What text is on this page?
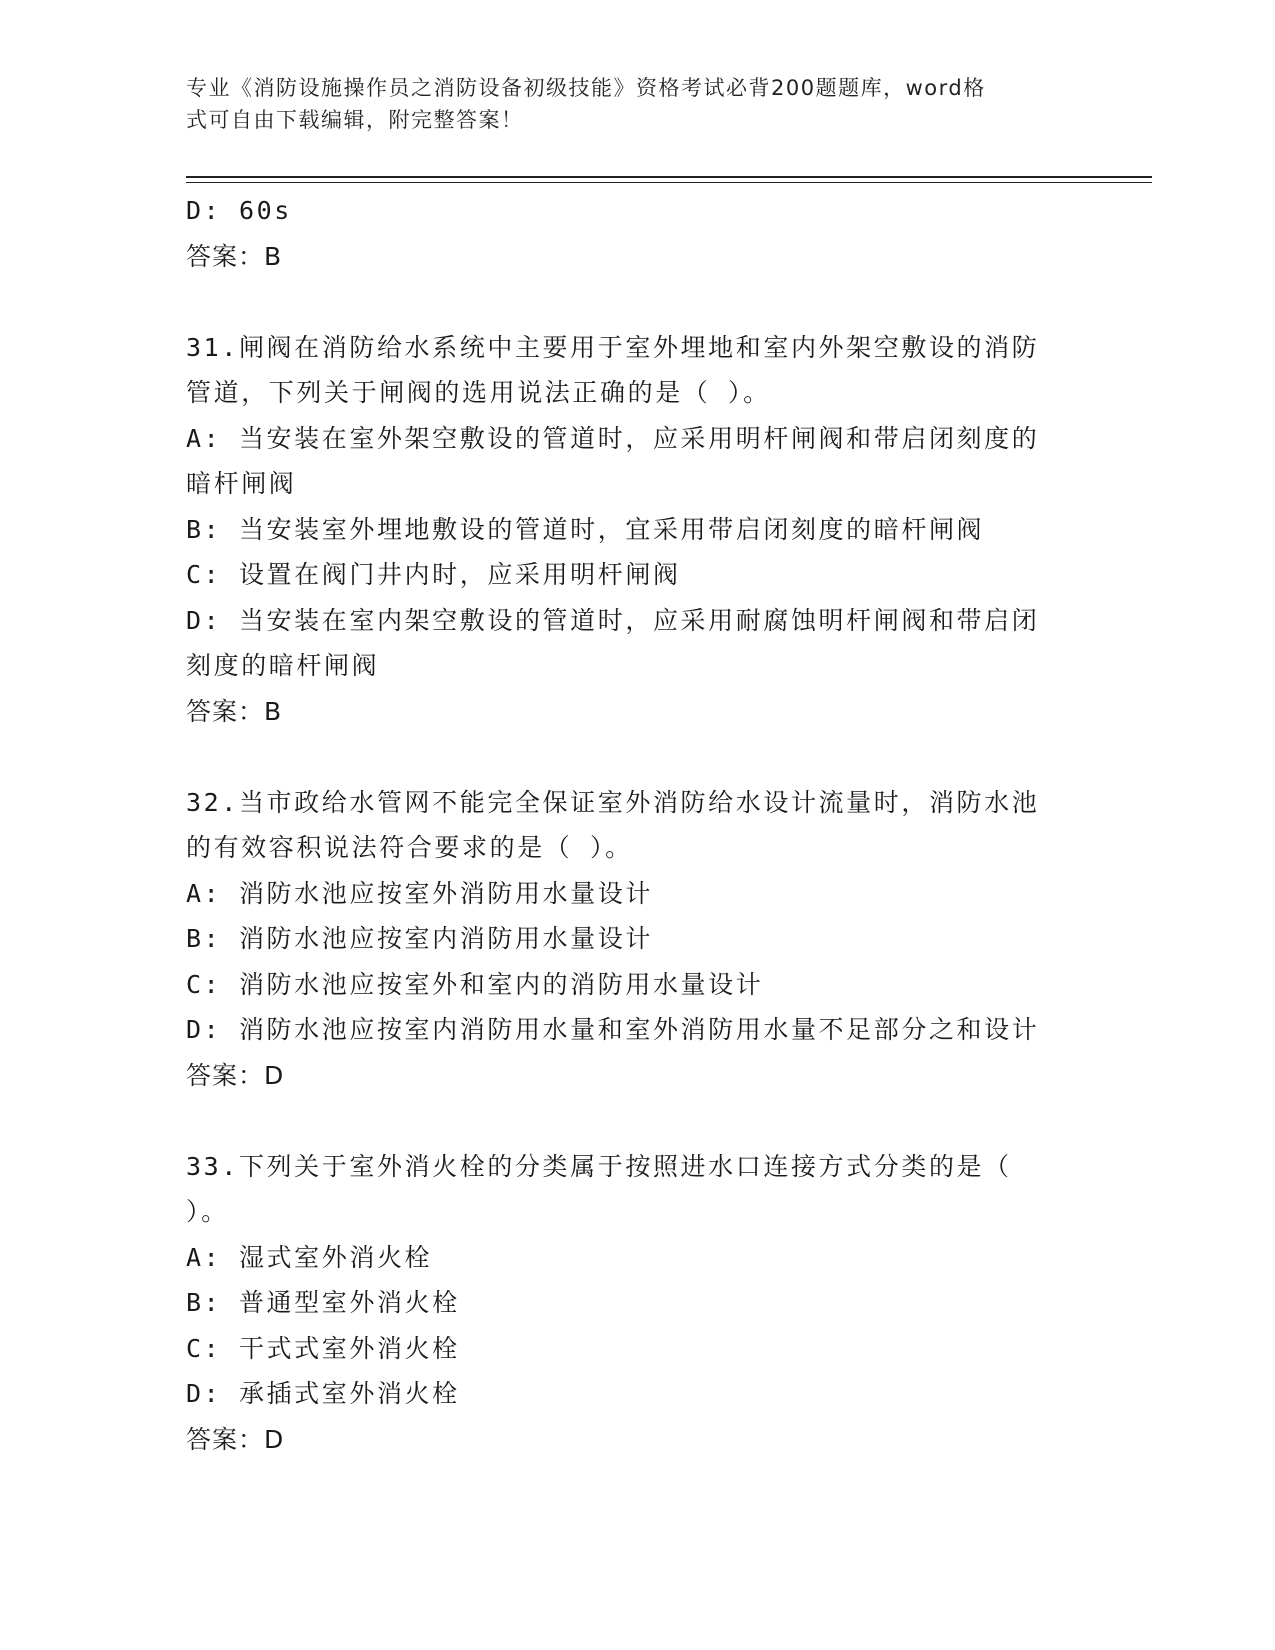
专业《消防设施操作员之消防设备初级技能》资格考试必背200题题库，word格
式可自由下载编辑，附完整答案！
D: 60s
答案：B
31.闸阀在消防给水系统中主要用于室外埋地和室内外架空敷设的消防
管道，下列关于闸阀的选用说法正确的是（ ）。
A: 当安装在室外架空敷设的管道时，应采用明杆闸阀和带启闭刻度的
暗杆闸阀
B: 当安装室外埋地敷设的管道时，宜采用带启闭刻度的暗杆闸阀
C: 设置在阀门井内时，应采用明杆闸阀
D: 当安装在室内架空敷设的管道时，应采用耐腐蚀明杆闸阀和带启闭
刻度的暗杆闸阀
答案：B
32.当市政给水管网不能完全保证室外消防给水设计流量时，消防水池
的有效容积说法符合要求的是（ ）。
A: 消防水池应按室外消防用水量设计
B: 消防水池应按室内消防用水量设计
C: 消防水池应按室外和室内的消防用水量设计
D: 消防水池应按室内消防用水量和室外消防用水量不足部分之和设计
答案：D
33.下列关于室外消火栓的分类属于按照进水口连接方式分类的是（
）。
A: 湿式室外消火栓
B: 普通型室外消火栓
C: 干式式室外消火栓
D: 承插式室外消火栓
答案：D
